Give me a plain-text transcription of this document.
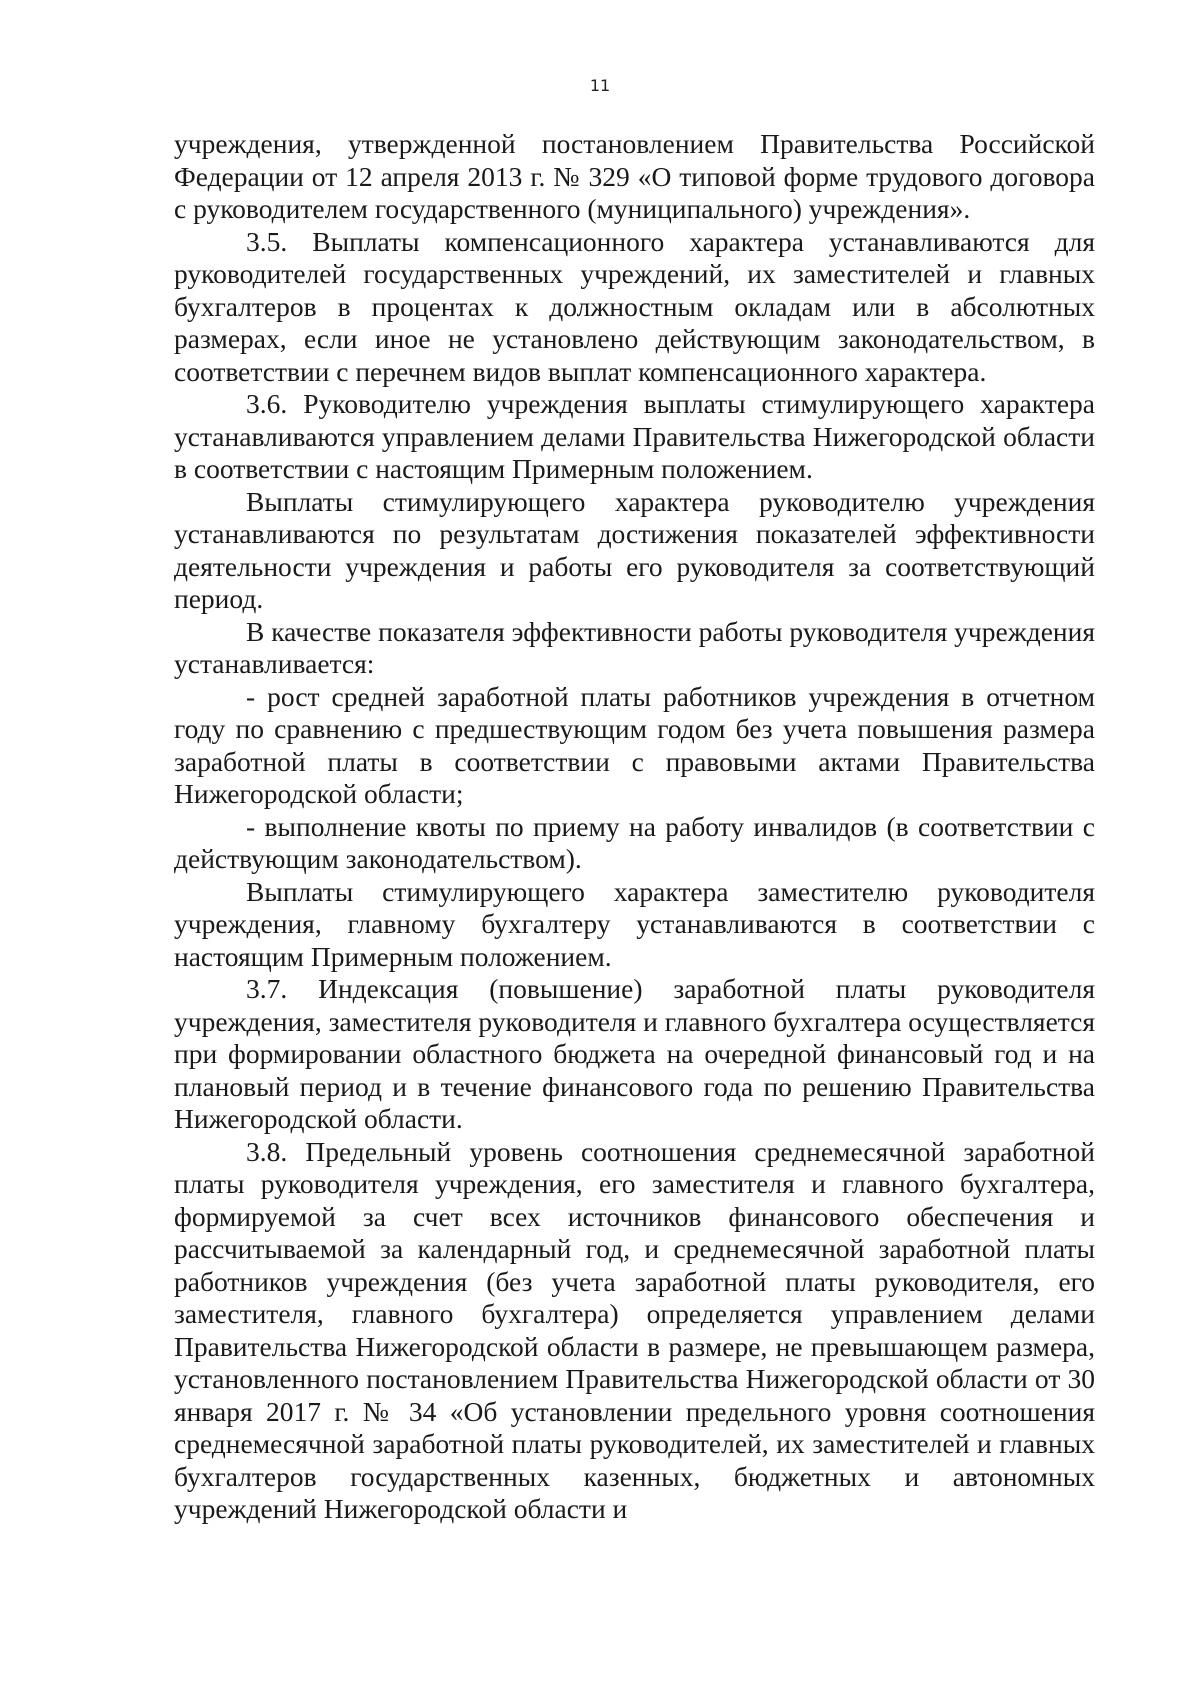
11

учреждения, утвержденной постановлением Правительства Российской Федерации от 12 апреля 2013 г. № 329 «О типовой форме трудового договора с руководителем государственного (муниципального) учреждения».

3.5. Выплаты компенсационного характера устанавливаются для руководителей государственных учреждений, их заместителей и главных бухгалтеров в процентах к должностным окладам или в абсолютных размерах, если иное не установлено действующим законодательством, в соответствии с перечнем видов выплат компенсационного характера.

3.6. Руководителю учреждения выплаты стимулирующего характера устанавливаются управлением делами Правительства Нижегородской области в соответствии с настоящим Примерным положением.

Выплаты стимулирующего характера руководителю учреждения устанавливаются по результатам достижения показателей эффективности деятельности учреждения и работы его руководителя за соответствующий период.

В качестве показателя эффективности работы руководителя учреждения устанавливается:

- рост средней заработной платы работников учреждения в отчетном году по сравнению с предшествующим годом без учета повышения размера заработной платы в соответствии с правовыми актами Правительства Нижегородской области;

- выполнение квоты по приему на работу инвалидов (в соответствии с действующим законодательством).

Выплаты стимулирующего характера заместителю руководителя учреждения, главному бухгалтеру устанавливаются в соответствии с настоящим Примерным положением.

3.7. Индексация (повышение) заработной платы руководителя учреждения, заместителя руководителя и главного бухгалтера осуществляется при формировании областного бюджета на очередной финансовый год и на плановый период и в течение финансового года по решению Правительства Нижегородской области.

3.8. Предельный уровень соотношения среднемесячной заработной платы руководителя учреждения, его заместителя и главного бухгалтера, формируемой за счет всех источников финансового обеспечения и рассчитываемой за календарный год, и среднемесячной заработной платы работников учреждения (без учета заработной платы руководителя, его заместителя, главного бухгалтера) определяется управлением делами Правительства Нижегородской области в размере, не превышающем размера, установленного постановлением Правительства Нижегородской области от 30 января 2017 г. № 34 «Об установлении предельного уровня соотношения среднемесячной заработной платы руководителей, их заместителей и главных бухгалтеров государственных казенных, бюджетных и автономных учреждений Нижегородской области и
